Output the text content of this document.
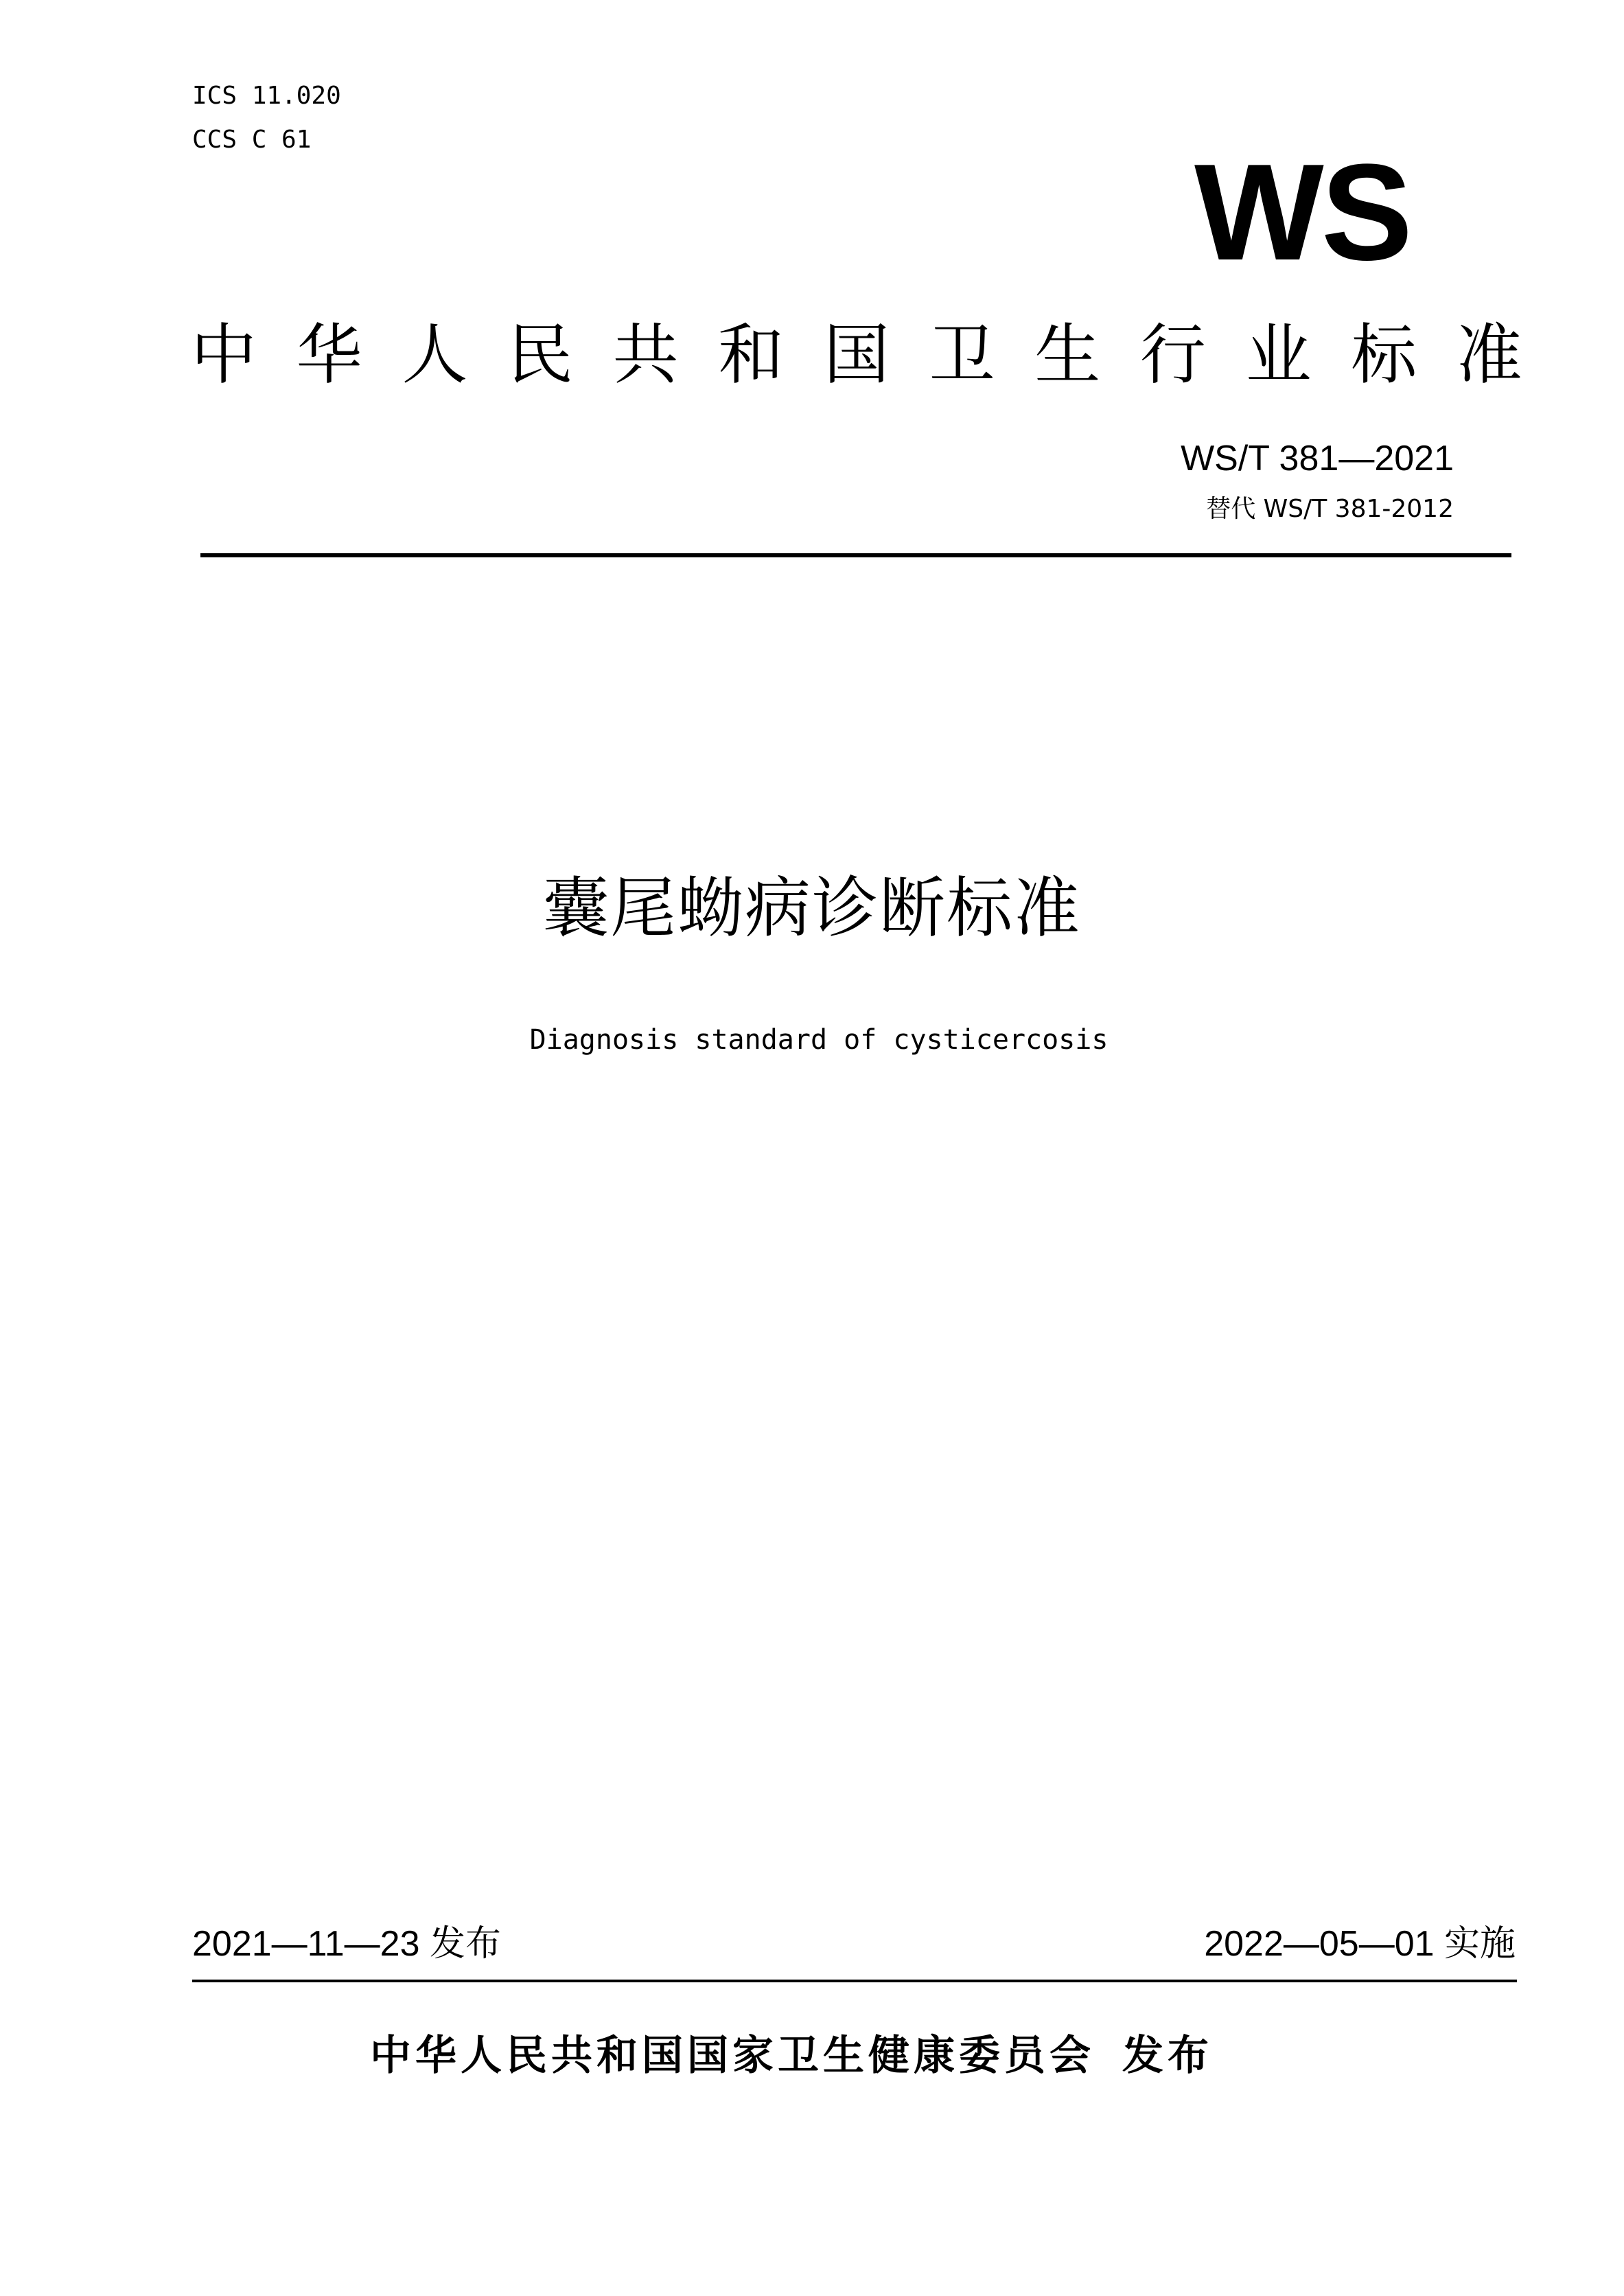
ICS 11.020
CCS C 61	WS
中 华 人 民 共 和 国 卫 生 行 业 标 准
WS/T 381—2021
替代 WS/T 381-2012
囊尾蚴病诊断标准
Diagnosis standard of cysticercosis
2021—11—23 发布	2022—05—01 实施
中华人民共和国国家卫生健康委员会 发布
